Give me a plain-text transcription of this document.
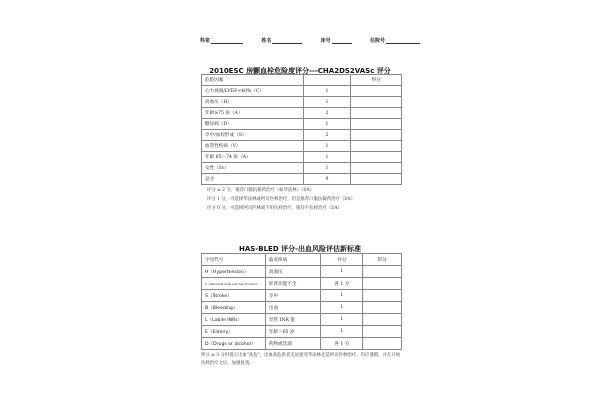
科室	姓名	床号	住院号
2010ESC 房颤血栓危险度评分---CHA2DS2VASc 评分
危险因素		得分
心力衰竭/LVEF<40%（C）	1	
高血压（H）	1	
年龄≥75 岁（A）	2	
糖尿病（D）	1	
卒中/血栓形成（S）	2	
血管性疾病（V）	1	
年龄 65～74 岁（A）	1	
女性（Sc）	1	
总分	9	
评分 ≥ 2 分，推荐口服抗凝药治疗（如华法林）（I/A）
评分 1 分，可选择华法林或阿司匹林治疗，但是推荐口服抗凝药治疗（I/A）
评分 0 分，可选择阿司匹林或不用抗栓治疗，推荐不抗栓治疗（I/A）
HAS-BLED 评分-出血风险评估新标准
字母代号	临床疾病	评分	得分
H（Hypertension）	高血压	1	
A（Abnormal renal and liver function）	肝肾功能不全	各 1 分	
S（Stroke）	卒中	1	
B（Bleeding）	出血	1	
L（Labile INRs）	异常 INR 值	1	
E（Elderly）	年龄＞65 岁	1	
D（Drugs or alcohol）	药物或饮酒	各 1 分	
积分 ≥ 3 分时提示出血"高危"，出血高危患者无论接受华法林还是阿司匹林治疗，均应谨慎，并在开始抗栓治疗之后，加强复查。
